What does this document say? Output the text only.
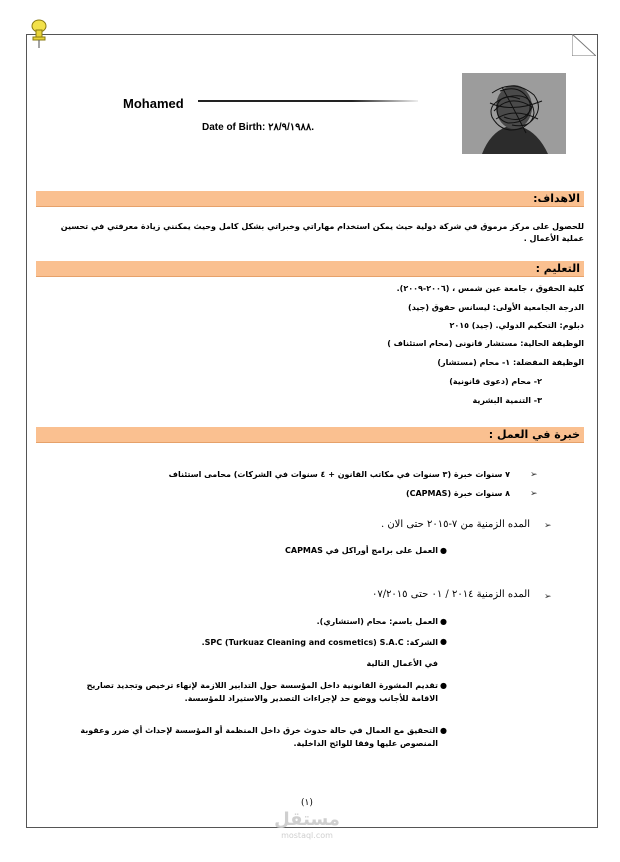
Mohamed
Date of Birth: ٢٨/٩/١٩٨٨.
الاهداف:
للحصول على مركز مرموق في شركة دولية حيث يمكن استخدام مهاراتي وخبراتي بشكل كامل وحيث يمكنني زيادة معرفتي في تحسين عملية الأعمال .
التعليم :
كلية الحقوق ، جامعة عين شمس ، (٢٠٠٦-٢٠٠٩).
الدرجة الجامعية الأولى: ليسانس حقوق (جيد)
دبلوم: التحكيم الدولي. (جيد) ٢٠١٥
الوظيفة الحالية: مستشار قانونى (محام استئناف )
الوظيفة المفضلة: ١- محام (مستشار)
٢- محام (دعوى قانونية)
٣- التنمية البشرية
خبرة في العمل :
➢
٧ سنوات خبرة (٣ سنوات في مكاتب القانون + ٤ سنوات في الشركات) محامى استئناف
➢
٨ سنوات خبرة (CAPMAS)
➢
المده الزمنية من ٧-٢٠١٥ حتى الان .
●
العمل على برامج أوراكل في CAPMAS
➢
المده الزمنية ٢٠١٤ / ٠١ حتى ٠٧/٢٠١٥
●
العمل باسم: محام (استشاري).
●
الشركة: SPC (Turkuaz Cleaning and cosmetics) S.A.C.
في الأعمال التالية
●
تقديم المشورة القانونية داخل المؤسسة حول التدابير اللازمة لإنهاء ترخيص وتجديد تصاريح الاقامة للأجانب ووضع حد لإجراءات التصدير والاستيراد للمؤسسة.
●
التحقيق مع العمال في حالة حدوث خرق داخل المنظمة أو المؤسسة لإحداث أي ضرر وعقوبة المنصوص عليها وفقا للوائح الداخلية.
(١)
مستقل
mostaql.com
